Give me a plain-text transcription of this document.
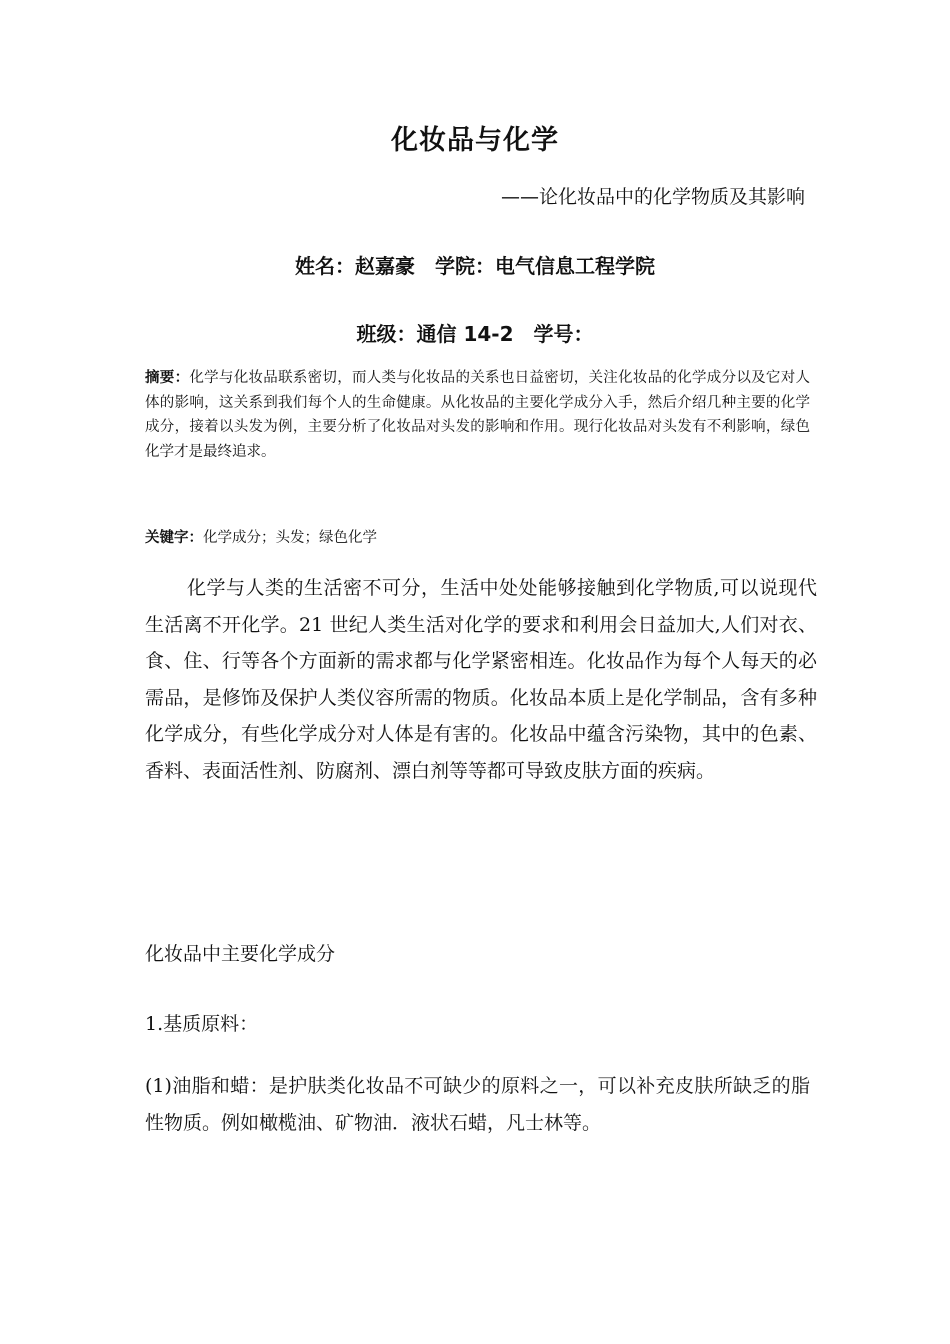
化妆品与化学
——论化妆品中的化学物质及其影响
姓名：赵嘉豪　学院：电气信息工程学院
班级：通信 14-2　学号：
摘要：化学与化妆品联系密切，而人类与化妆品的关系也日益密切，关注化妆品的化学成分以及它对人体的影响，这关系到我们每个人的生命健康。从化妆品的主要化学成分入手，然后介绍几种主要的化学成分，接着以头发为例，主要分析了化妆品对头发的影响和作用。现行化妆品对头发有不利影响，绿色化学才是最终追求。
关键字：化学成分；头发；绿色化学
化学与人类的生活密不可分，生活中处处能够接触到化学物质,可以说现代生活离不开化学。21 世纪人类生活对化学的要求和利用会日益加大,人们对衣、食、住、行等各个方面新的需求都与化学紧密相连。化妆品作为每个人每天的必需品，是修饰及保护人类仪容所需的物质。化妆品本质上是化学制品，含有多种化学成分，有些化学成分对人体是有害的。化妆品中蕴含污染物，其中的色素、香料、表面活性剂、防腐剂、漂白剂等等都可导致皮肤方面的疾病。
化妆品中主要化学成分
1.基质原料：
(1)油脂和蜡：是护肤类化妆品不可缺少的原料之一，可以补充皮肤所缺乏的脂性物质。例如橄榄油、矿物油．液状石蜡，凡士林等。
